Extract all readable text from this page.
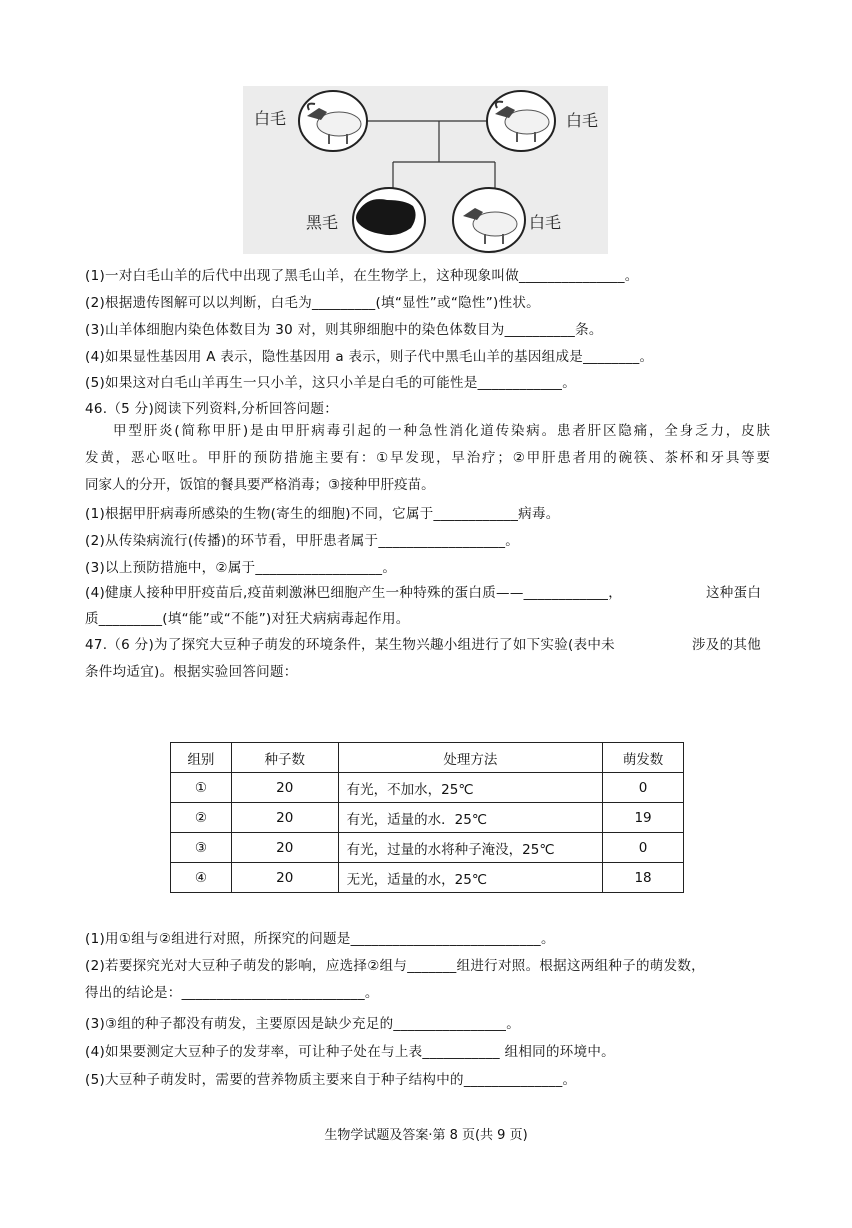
白毛	白毛
黑毛	白毛
(1)一对白毛山羊的后代中出现了黑毛山羊，在生物学上，这种现象叫做_______________。
(2)根据遗传图解可以以判断，白毛为_________(填“显性”或“隐性”)性状。
(3)山羊体细胞内染色体数目为 30 对，则其卵细胞中的染色体数目为__________条。
(4)如果显性基因用 A 表示，隐性基因用 a 表示，则子代中黑毛山羊的基因组成是________。
(5)如果这对白毛山羊再生一只小羊，这只小羊是白毛的可能性是____________。
46.（5 分)阅读下列资料,分析回答问题：
甲型肝炎(简称甲肝)是由甲肝病毒引起的一种急性消化道传染病。患者肝区隐痛，全身乏力，皮肤
发黄，恶心呕吐。甲肝的预防措施主要有：①早发现，早治疗；②甲肝患者用的碗筷、茶杯和牙具等要
同家人的分开，饭馆的餐具要严格消毒；③接种甲肝疫苗。
(1)根据甲肝病毒所感染的生物(寄生的细胞)不同，它属于____________病毒。
(2)从传染病流行(传播)的环节看，甲肝患者属于__________________。
(3)以上预防措施中，②属于__________________。
(4)健康人接种甲肝疫苗后,疫苗刺激淋巴细胞产生一种特殊的蛋白质——____________，	这种蛋白
质_________(填“能”或“不能”)对狂犬病病毒起作用。
47.（6 分)为了探究大豆种子萌发的环境条件，某生物兴趣小组进行了如下实验(表中未	涉及的其他
条件均适宜)。根据实验回答问题：
组别	种子数	处理方法	萌发数
①	20	有光，不加水，25℃	0
②	20	有光，适量的水．25℃	19
③	20	有光，过量的水将种子淹没，25℃	0
④	20	无光，适量的水，25℃	18
(1)用①组与②组进行对照，所探究的问题是___________________________。
(2)若要探究光对大豆种子萌发的影响，应选择②组与_______组进行对照。根据这两组种子的萌发数，
得出的结论是：__________________________。
(3)③组的种子都没有萌发，主要原因是缺少充足的________________。
(4)如果要测定大豆种子的发芽率，可让种子处在与上表___________ 组相同的环境中。
(5)大豆种子萌发时，需要的营养物质主要来自于种子结构中的______________。
生物学试题及答案·第 8 页(共 9 页)
